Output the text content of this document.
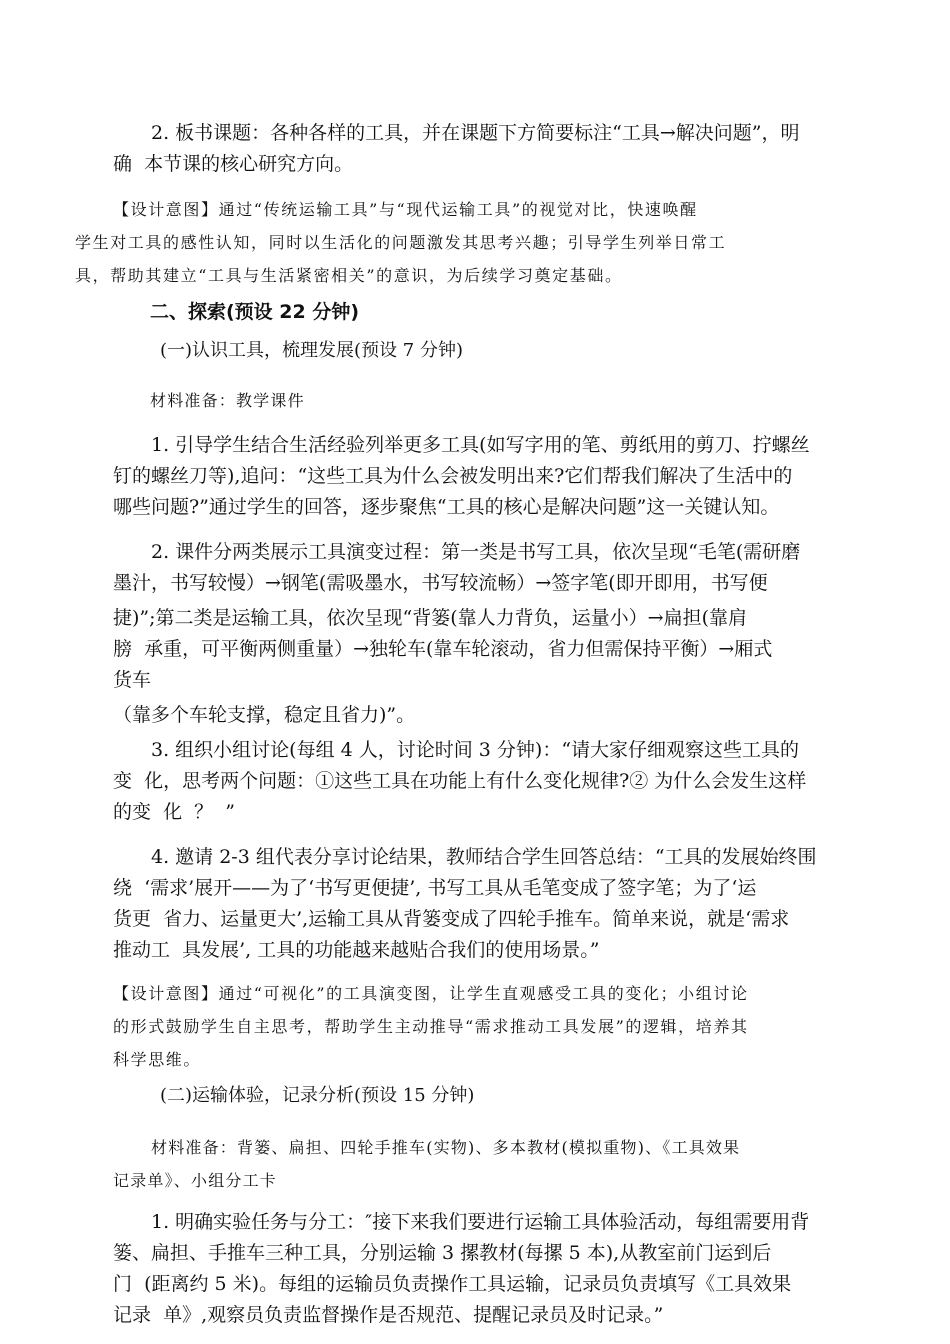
2. 板书课题：各种各样的工具，并在课题下方简要标注“工具→解决问题”，明
确  本节课的核心研究方向。
【设计意图】通过“传统运输工具”与“现代运输工具”的视觉对比，快速唤醒
学生对工具的感性认知，同时以生活化的问题激发其思考兴趣；引导学生列举日常工
具，帮助其建立“工具与生活紧密相关”的意识，为后续学习奠定基础。
二、探索(预设 22 分钟)
(一)认识工具，梳理发展(预设 7 分钟)
材料准备：教学课件
1. 引导学生结合生活经验列举更多工具(如写字用的笔、剪纸用的剪刀、拧螺丝
钉的螺丝刀等),追问：“这些工具为什么会被发明出来?它们帮我们解决了生活中的
哪些问题?”通过学生的回答，逐步聚焦“工具的核心是解决问题”这一关键认知。
2. 课件分两类展示工具演变过程：第一类是书写工具，依次呈现“毛笔(需研磨
墨汁，书写较慢）→钢笔(需吸墨水，书写较流畅）→签字笔(即开即用，书写便
捷)”;第二类是运输工具，依次呈现“背篓(靠人力背负，运量小）→扁担(靠肩
膀  承重，可平衡两侧重量）→独轮车(靠车轮滚动，省力但需保持平衡）→厢式
货车
（靠多个车轮支撑，稳定且省力)”。
3. 组织小组讨论(每组 4 人，讨论时间 3 分钟)：“请大家仔细观察这些工具的
变  化，思考两个问题：①这些工具在功能上有什么变化规律?② 为什么会发生这样
的变  化  ？  ”
4. 邀请 2-3 组代表分享讨论结果，教师结合学生回答总结：“工具的发展始终围
绕  ‘需求’展开——为了‘书写更便捷’, 书写工具从毛笔变成了签字笔；为了‘运
货更  省力、运量更大’,运输工具从背篓变成了四轮手推车。简单来说，就是‘需求
推动工  具发展’, 工具的功能越来越贴合我们的使用场景。”
【设计意图】通过“可视化”的工具演变图，让学生直观感受工具的变化；小组讨论
的形式鼓励学生自主思考，帮助学生主动推导“需求推动工具发展”的逻辑，培养其
科学思维。
(二)运输体验，记录分析(预设 15 分钟)
材料准备：背篓、扁担、四轮手推车(实物)、多本教材(模拟重物)、《工具效果
记录单》、小组分工卡
1. 明确实验任务与分工：″接下来我们要进行运输工具体验活动，每组需要用背
篓、扁担、手推车三种工具，分别运输 3 摞教材(每摞 5 本),从教室前门运到后
门  (距离约 5 米)。每组的运输员负责操作工具运输，记录员负责填写《工具效果
记录  单》,观察员负责监督操作是否规范、提醒记录员及时记录。”
